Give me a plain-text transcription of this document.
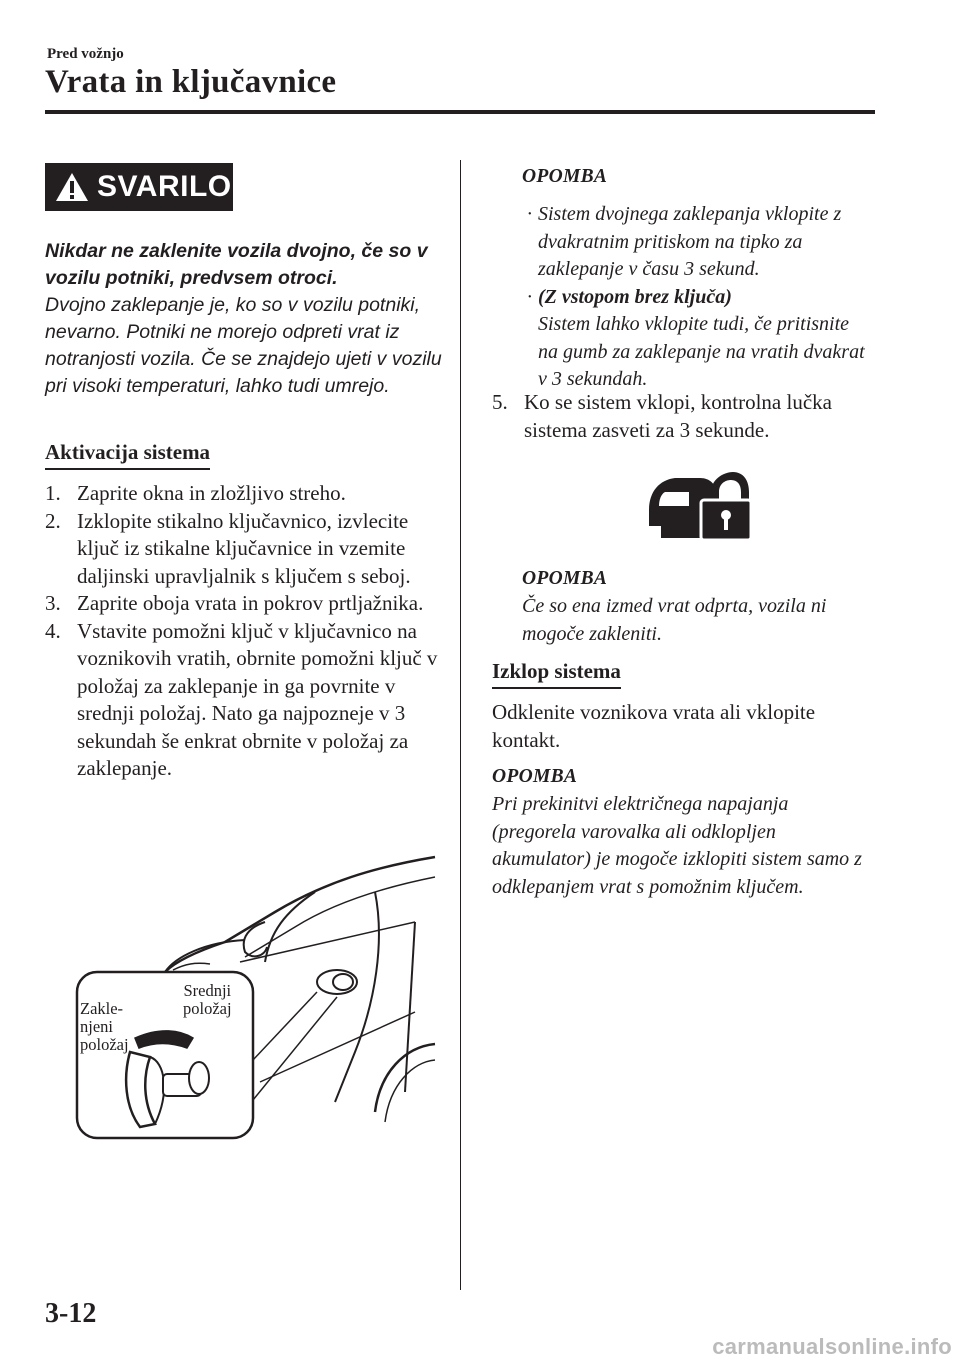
Pred vožnjo
Vrata in ključavnice
SVARILO
Nikdar ne zaklenite vozila dvojno, če so v vozilu potniki, predvsem otroci.
Dvojno zaklepanje je, ko so v vozilu potniki, nevarno. Potniki ne morejo odpreti vrat iz notranjosti vozila. Če se znajdejo ujeti v vozilu pri visoki temperaturi, lahko tudi umrejo.
Aktivacija sistema
1. Zaprite okna in zložljivo streho.
2. Izklopite stikalno ključavnico, izvlecite ključ iz stikalne ključavnice in vzemite daljinski upravljalnik s ključem s seboj.
3. Zaprite oboja vrata in pokrov prtljažnika.
4. Vstavite pomožni ključ v ključavnico na voznikovih vratih, obrnite pomožni ključ v položaj za zaklepanje in ga povrnite v srednji položaj. Nato ga najpozneje v 3 sekundah še enkrat obrnite v položaj za zaklepanje.
Zakle-
njeni
položaj
Srednji
položaj
OPOMBA
· Sistem dvojnega zaklepanja vklopite z dvakratnim pritiskom na tipko za zaklepanje v času 3 sekund.
· (Z vstopom brez ključa)
Sistem lahko vklopite tudi, če pritisnite na gumb za zaklepanje na vratih dvakrat v 3 sekundah.
5. Ko se sistem vklopi, kontrolna lučka sistema zasveti za 3 sekunde.
OPOMBA
Če so ena izmed vrat odprta, vozila ni mogoče zakleniti.
Izklop sistema
Odklenite voznikova vrata ali vklopite kontakt.
OPOMBA
Pri prekinitvi električnega napajanja (pregorela varovalka ali odklopljen akumulator) je mogoče izklopiti sistem samo z odklepanjem vrat s pomožnim ključem.
3-12
carmanualsonline.info
